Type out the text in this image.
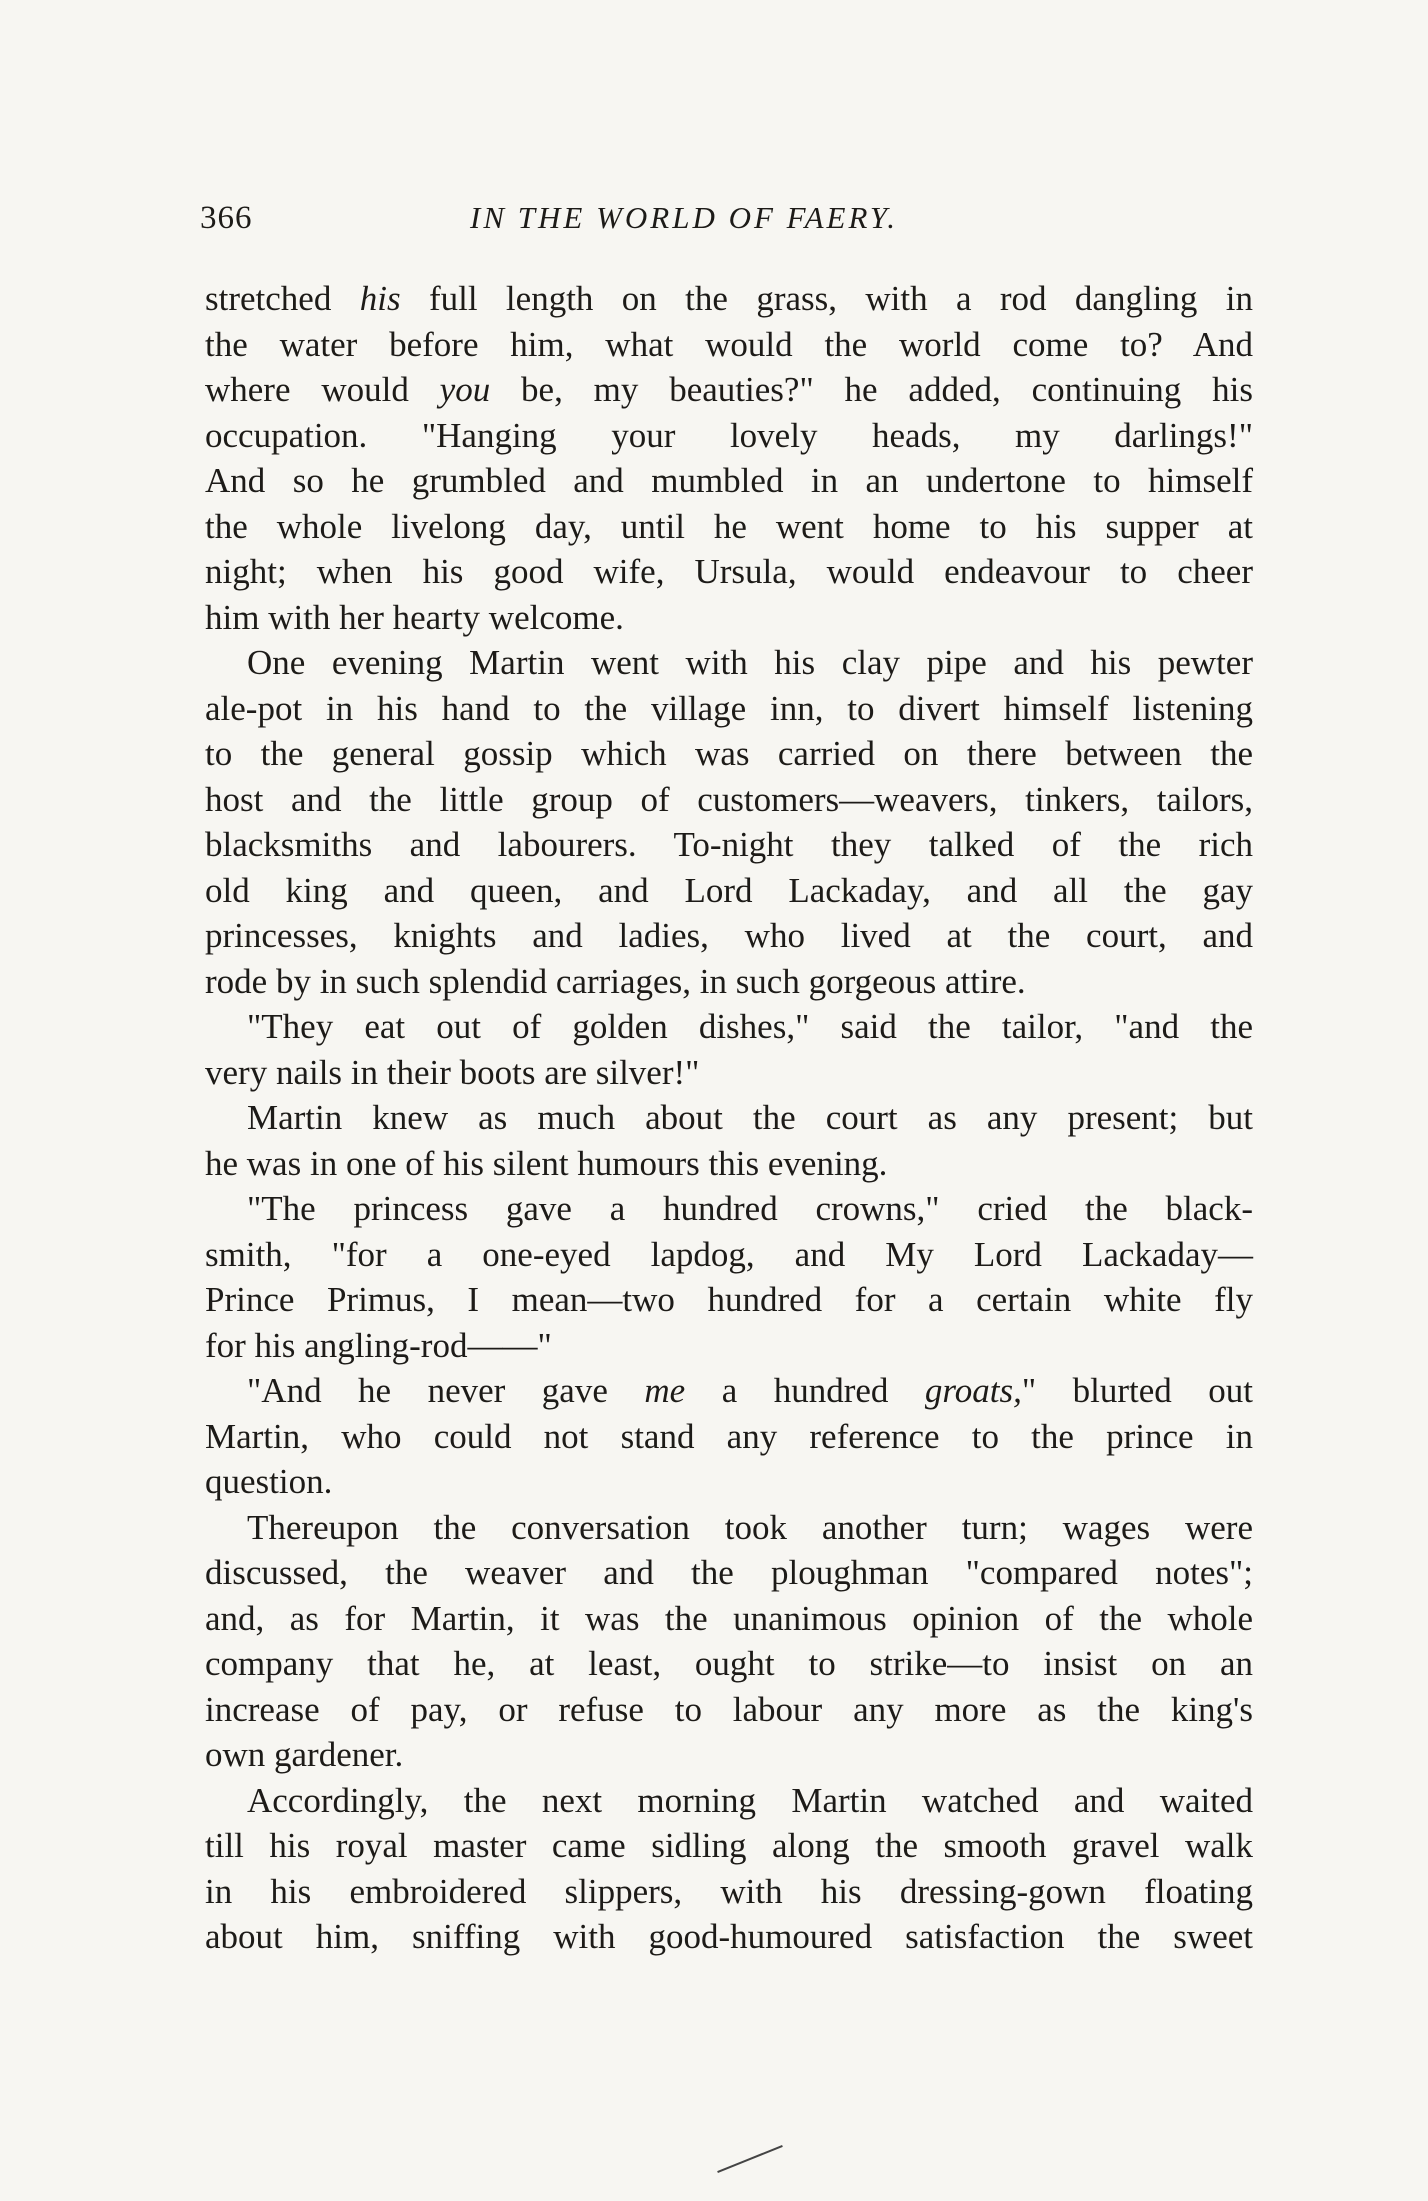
366	IN THE WORLD OF FAERY.
stretched his full length on the grass, with a rod dangling in
the water before him, what would the world come to? And
where would you be, my beauties?" he added, continuing his
occupation. "Hanging your lovely heads, my darlings!"
And so he grumbled and mumbled in an undertone to himself
the whole livelong day, until he went home to his supper at
night; when his good wife, Ursula, would endeavour to cheer
him with her hearty welcome.
One evening Martin went with his clay pipe and his pewter
ale-pot in his hand to the village inn, to divert himself listening
to the general gossip which was carried on there between the
host and the little group of customers—weavers, tinkers, tailors,
blacksmiths and labourers. To-night they talked of the rich
old king and queen, and Lord Lackaday, and all the gay
princesses, knights and ladies, who lived at the court, and
rode by in such splendid carriages, in such gorgeous attire.
"They eat out of golden dishes," said the tailor, "and the
very nails in their boots are silver!"
Martin knew as much about the court as any present; but
he was in one of his silent humours this evening.
"The princess gave a hundred crowns," cried the black-
smith, "for a one-eyed lapdog, and My Lord Lackaday—
Prince Primus, I mean—two hundred for a certain white fly
for his angling-rod——"
"And he never gave me a hundred groats," blurted out
Martin, who could not stand any reference to the prince in
question.
Thereupon the conversation took another turn; wages were
discussed, the weaver and the ploughman "compared notes";
and, as for Martin, it was the unanimous opinion of the whole
company that he, at least, ought to strike—to insist on an
increase of pay, or refuse to labour any more as the king's
own gardener.
Accordingly, the next morning Martin watched and waited
till his royal master came sidling along the smooth gravel walk
in his embroidered slippers, with his dressing-gown floating
about him, sniffing with good-humoured satisfaction the sweet
